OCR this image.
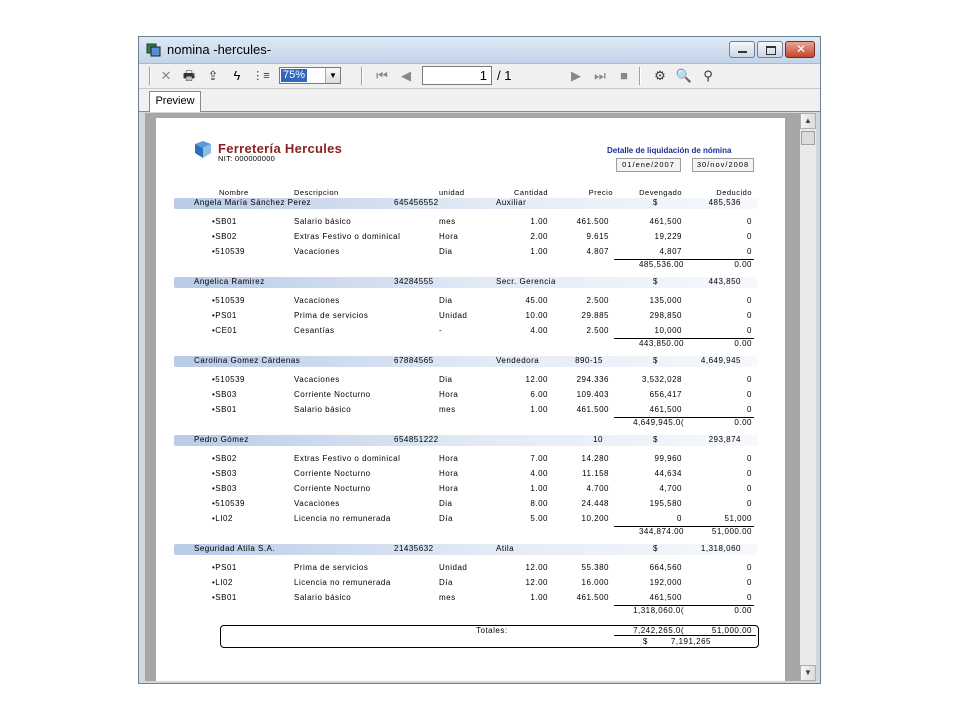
nomina -hercules-	✕
✕ 🖶 ⇪	ϟ	⋮≡ 75%	▼	⏮	◀	1 / 1	▶	⏭	■	⚙ 🔍 ⚲
Preview
Ferretería Hercules
NIT: 000000000
Detalle de liquidación de nómina
01/ene/2007	30/nov/2008
Nombre	Descripcion	unidad	Cantidad	Precio	Devengado	Deducido
Angela María Sánchez Perez	645456552	Auxiliar	$	485,536
•SB01	Salario básico	mes	1.00	461.500	461,500	0
•SB02	Extras Festivo o dominical	Hora	2.00	9.615	19,229	0
•510539	Vacaciones	Dia	1.00	4.807	4,807	0
485,536.00	0.00
Angelica Ramirez	34284555	Secr. Gerencia	$	443,850
•510539	Vacaciones	Dia	45.00	2.500	135,000	0
•PS01	Prima de servicios	Unidad	10.00	29.885	298,850	0
•CE01	Cesantías	-	4.00	2.500	10,000	0
443,850.00	0.00
Carolina Gomez Cárdenas	67884565	Vendedora	890-15	$	4,649,945
•510539	Vacaciones	Dia	12.00	294.336	3,532,028	0
•SB03	Corriente Nocturno	Hora	6.00	109.403	656,417	0
•SB01	Salario básico	mes	1.00	461.500	461,500	0
4,649,945.0(	0.00
Pedro Gómez	654851222	10	$	293,874
•SB02	Extras Festivo o dominical	Hora	7.00	14.280	99,960	0
•SB03	Corriente Nocturno	Hora	4.00	11.158	44,634	0
•SB03	Corriente Nocturno	Hora	1.00	4.700	4,700	0
•510539	Vacaciones	Dia	8.00	24.448	195,580	0
•LI02	Licencia no remunerada	Día	5.00	10.200	0	51,000
344,874.00	51,000.00
Seguridad Atila S.A.	21435632	Atila	$	1,318,060
•PS01	Prima de servicios	Unidad	12.00	55.380	664,560	0
•LI02	Licencia no remunerada	Día	12.00	16.000	192,000	0
•SB01	Salario básico	mes	1.00	461.500	461,500	0
1,318,060.0(	0.00
Totales:	7,242,265.0(	51,000.00
$	7,191,265
▲
▼
